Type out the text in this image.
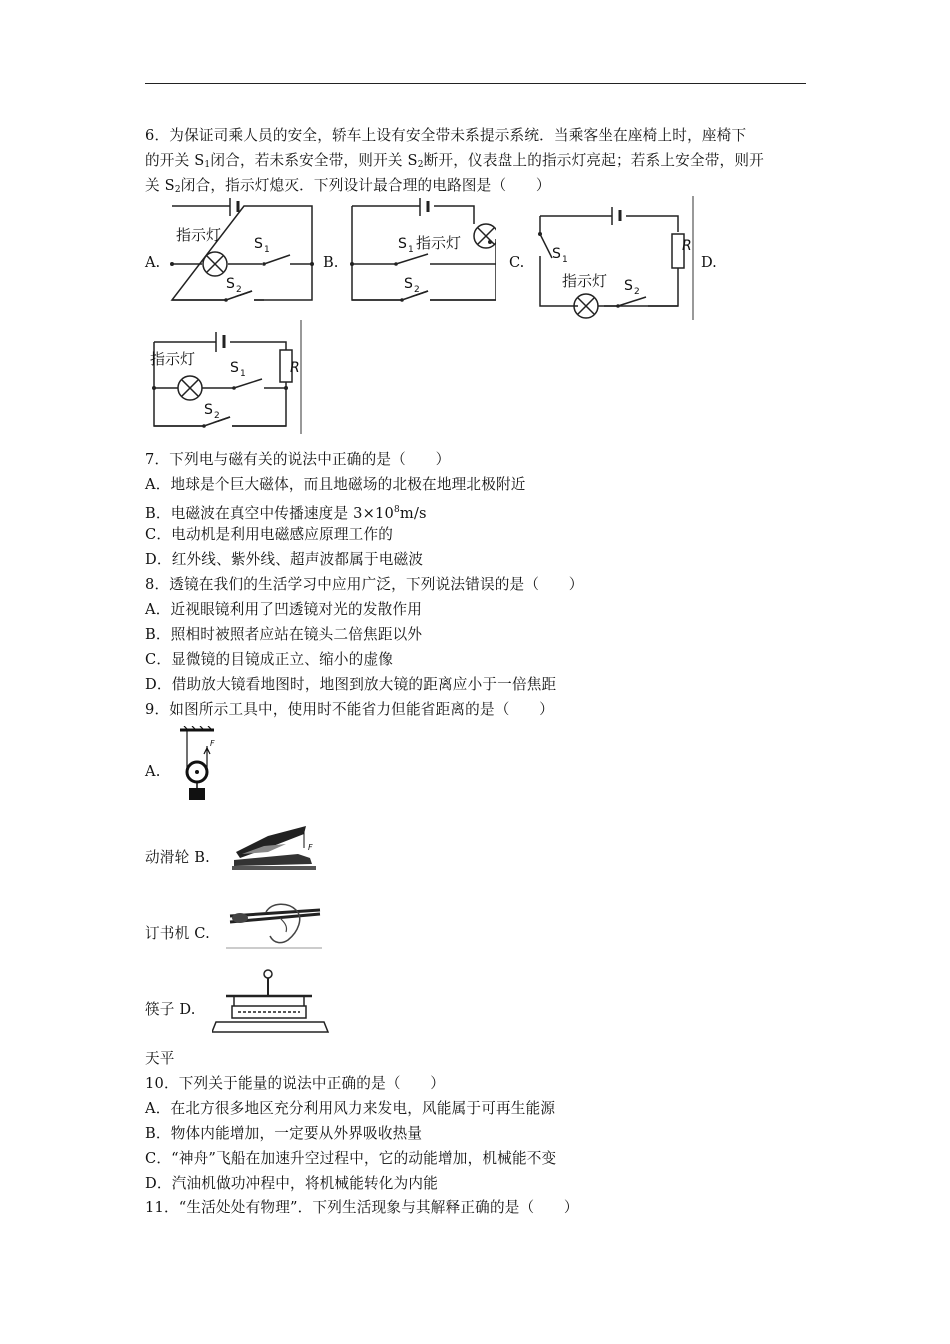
6．为保证司乘人员的安全，轿车上设有安全带未系提示系统．当乘客坐在座椅上时，座椅下
的开关 $S_1$闭合，若未系安全带，则开关 $S_2$断开，仪表盘上的指示灯亮起；若系上安全带，则开
关 $S_2$闭合，指示灯熄灭．下列设计最合理的电路图是（　　）
A.	B.	C.	D.
指示灯 S 1
S 2
S 1 指示灯
S 2
S 1
指示灯 S 2
R
指示灯 S 1
S 2
R
7．下列电与磁有关的说法中正确的是（　　）
A．地球是个巨大磁体，而且地磁场的北极在地理北极附近
B．电磁波在真空中传播速度是 $3\times 10^8m/s$
C．电动机是利用电磁感应原理工作的
D．红外线、紫外线、超声波都属于电磁波
8．透镜在我们的生活学习中应用广泛，下列说法错误的是（　　）
A．近视眼镜利用了凹透镜对光的发散作用
B．照相时被照者应站在镜头二倍焦距以外
C．显微镜的目镜成正立、缩小的虚像
D．借助放大镜看地图时，地图到放大镜的距离应小于一倍焦距
9．如图所示工具中，使用时不能省力但能省距离的是（　　）
A.
F
动滑轮 B.
F
订书机 C.
筷子 D.
天平
10．下列关于能量的说法中正确的是（　　）
A．在北方很多地区充分利用风力来发电，风能属于可再生能源
B．物体内能增加，一定要从外界吸收热量
C．“神舟”飞船在加速升空过程中，它的动能增加，机械能不变
D．汽油机做功冲程中，将机械能转化为内能
11．“生活处处有物理”．下列生活现象与其解释正确的是（　　）
